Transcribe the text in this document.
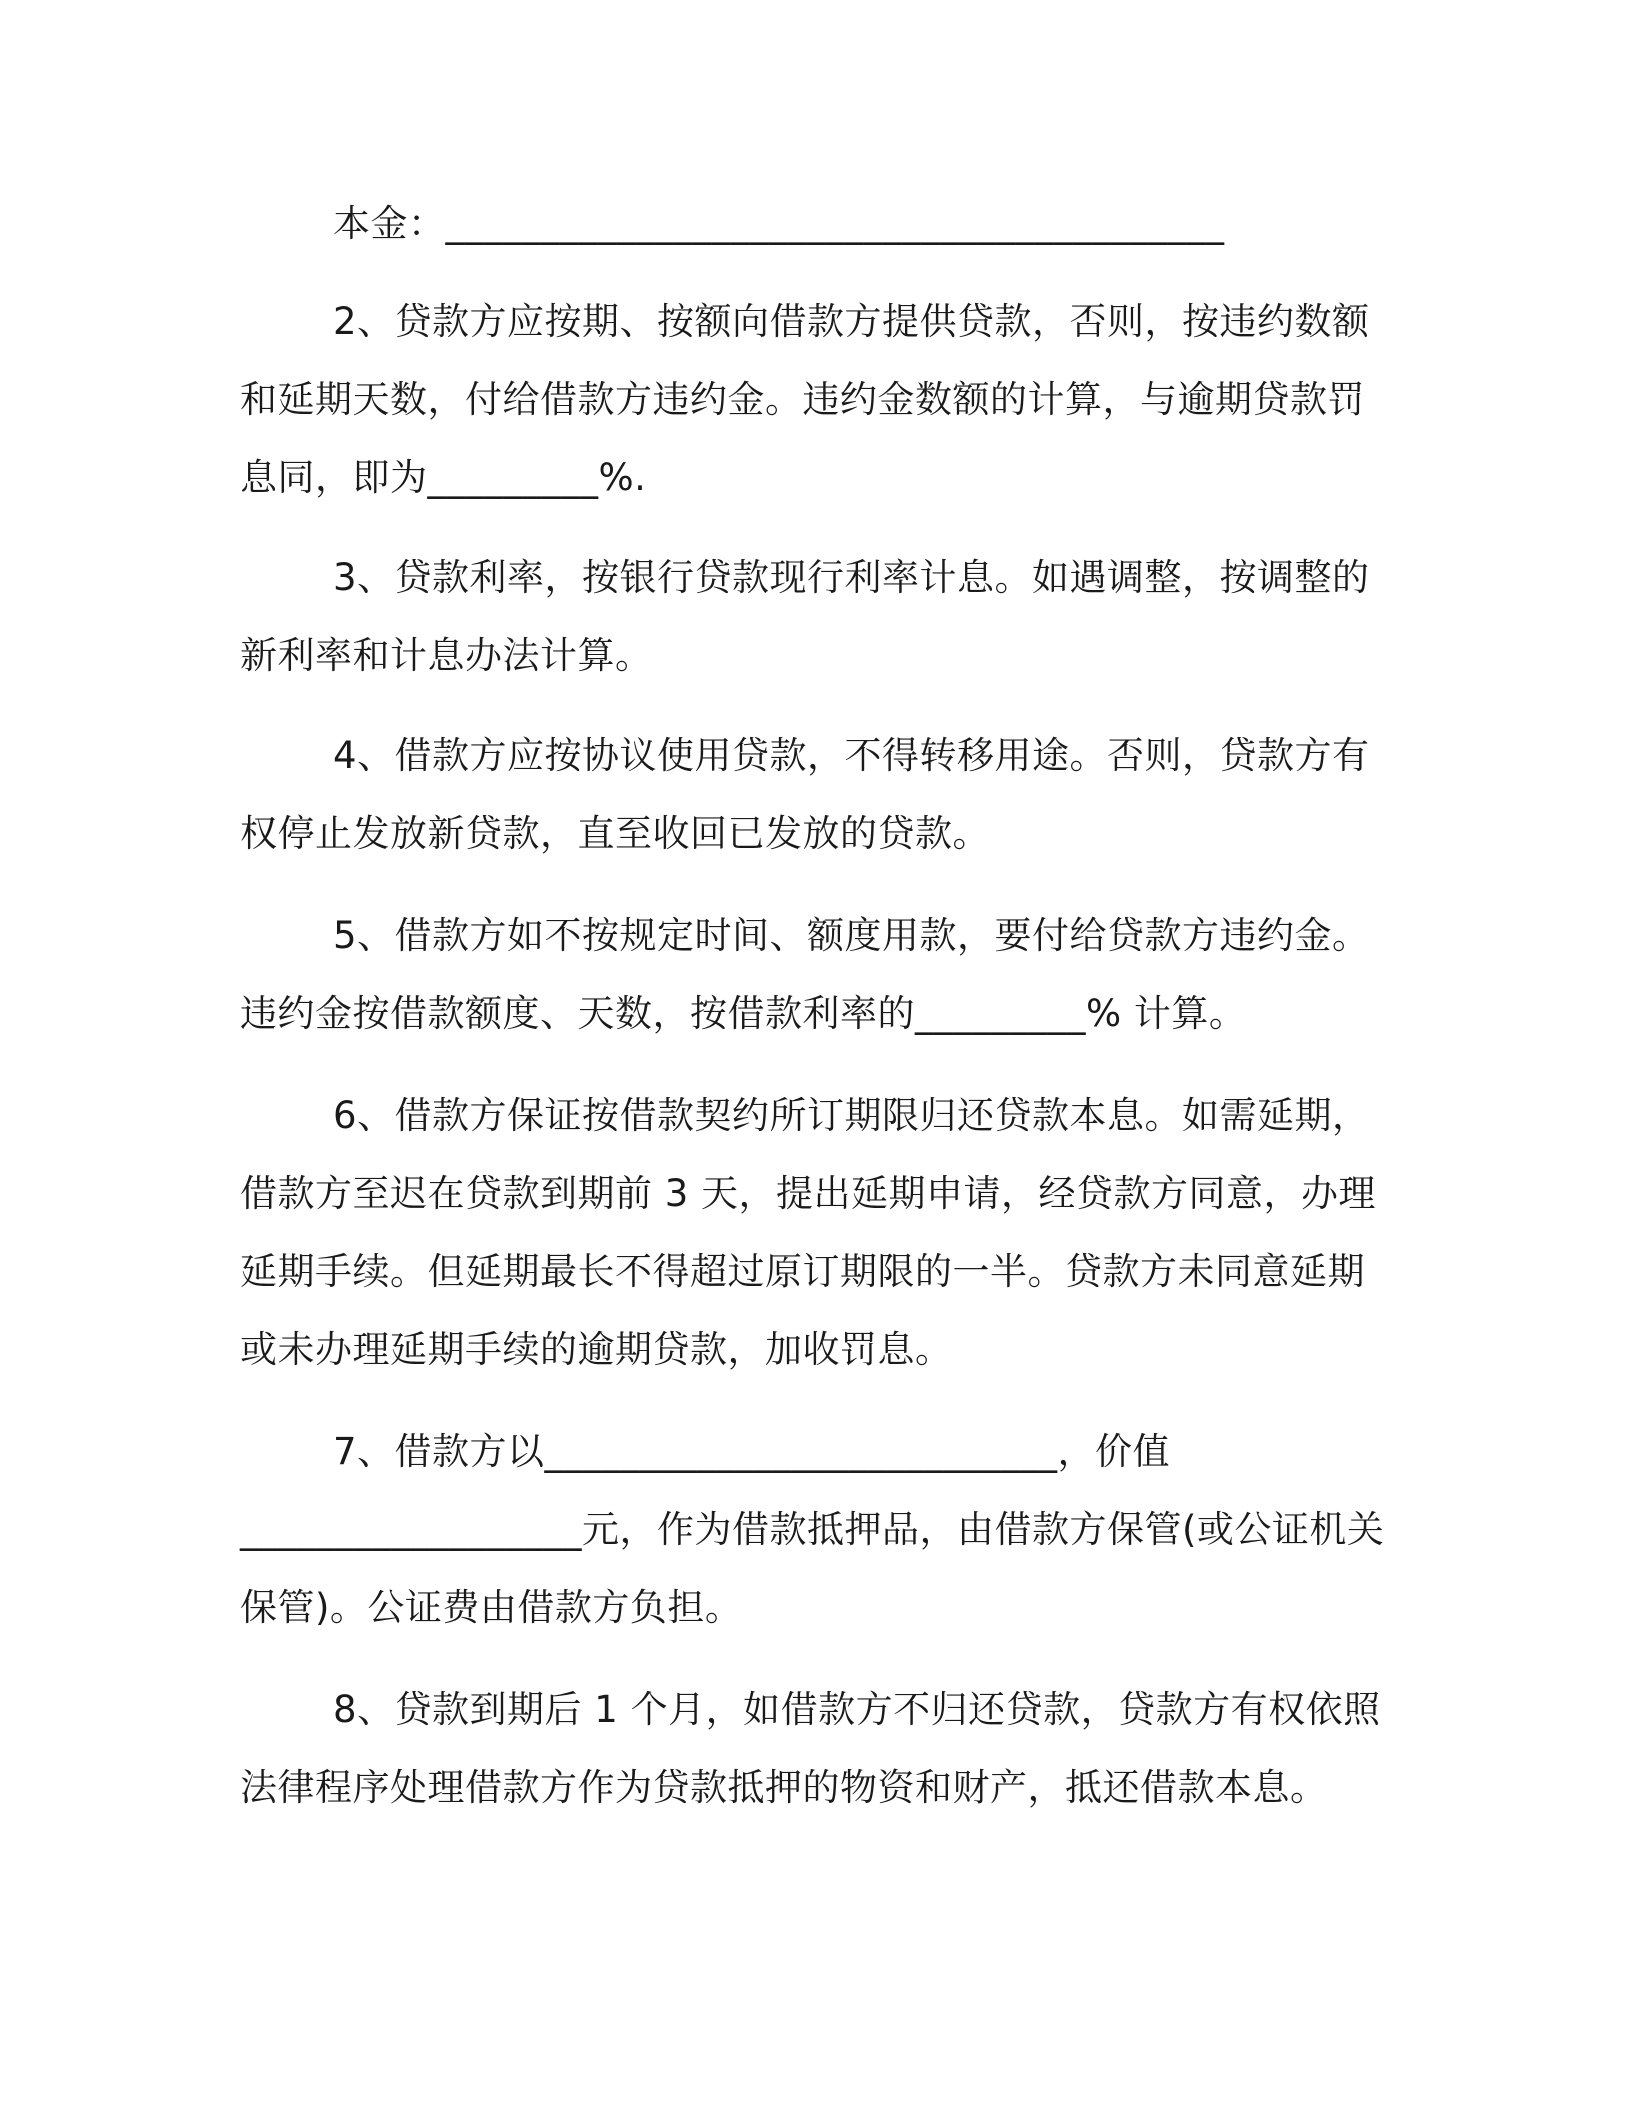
本金：_________________________________________
2、贷款方应按期、按额向借款方提供贷款，否则，按违约数额
和延期天数，付给借款方违约金。违约金数额的计算，与逾期贷款罚
息同，即为_________%.
3、贷款利率，按银行贷款现行利率计息。如遇调整，按调整的
新利率和计息办法计算。
4、借款方应按协议使用贷款，不得转移用途。否则，贷款方有
权停止发放新贷款，直至收回已发放的贷款。
5、借款方如不按规定时间、额度用款，要付给贷款方违约金。
违约金按借款额度、天数，按借款利率的_________% 计算。
6、借款方保证按借款契约所订期限归还贷款本息。如需延期，
借款方至迟在贷款到期前 3 天，提出延期申请，经贷款方同意，办理
延期手续。但延期最长不得超过原订期限的一半。贷款方未同意延期
或未办理延期手续的逾期贷款，加收罚息。
7、借款方以___________________________，价值
__________________元，作为借款抵押品，由借款方保管(或公证机关
保管)。公证费由借款方负担。
8、贷款到期后 1 个月，如借款方不归还贷款，贷款方有权依照
法律程序处理借款方作为贷款抵押的物资和财产，抵还借款本息。
